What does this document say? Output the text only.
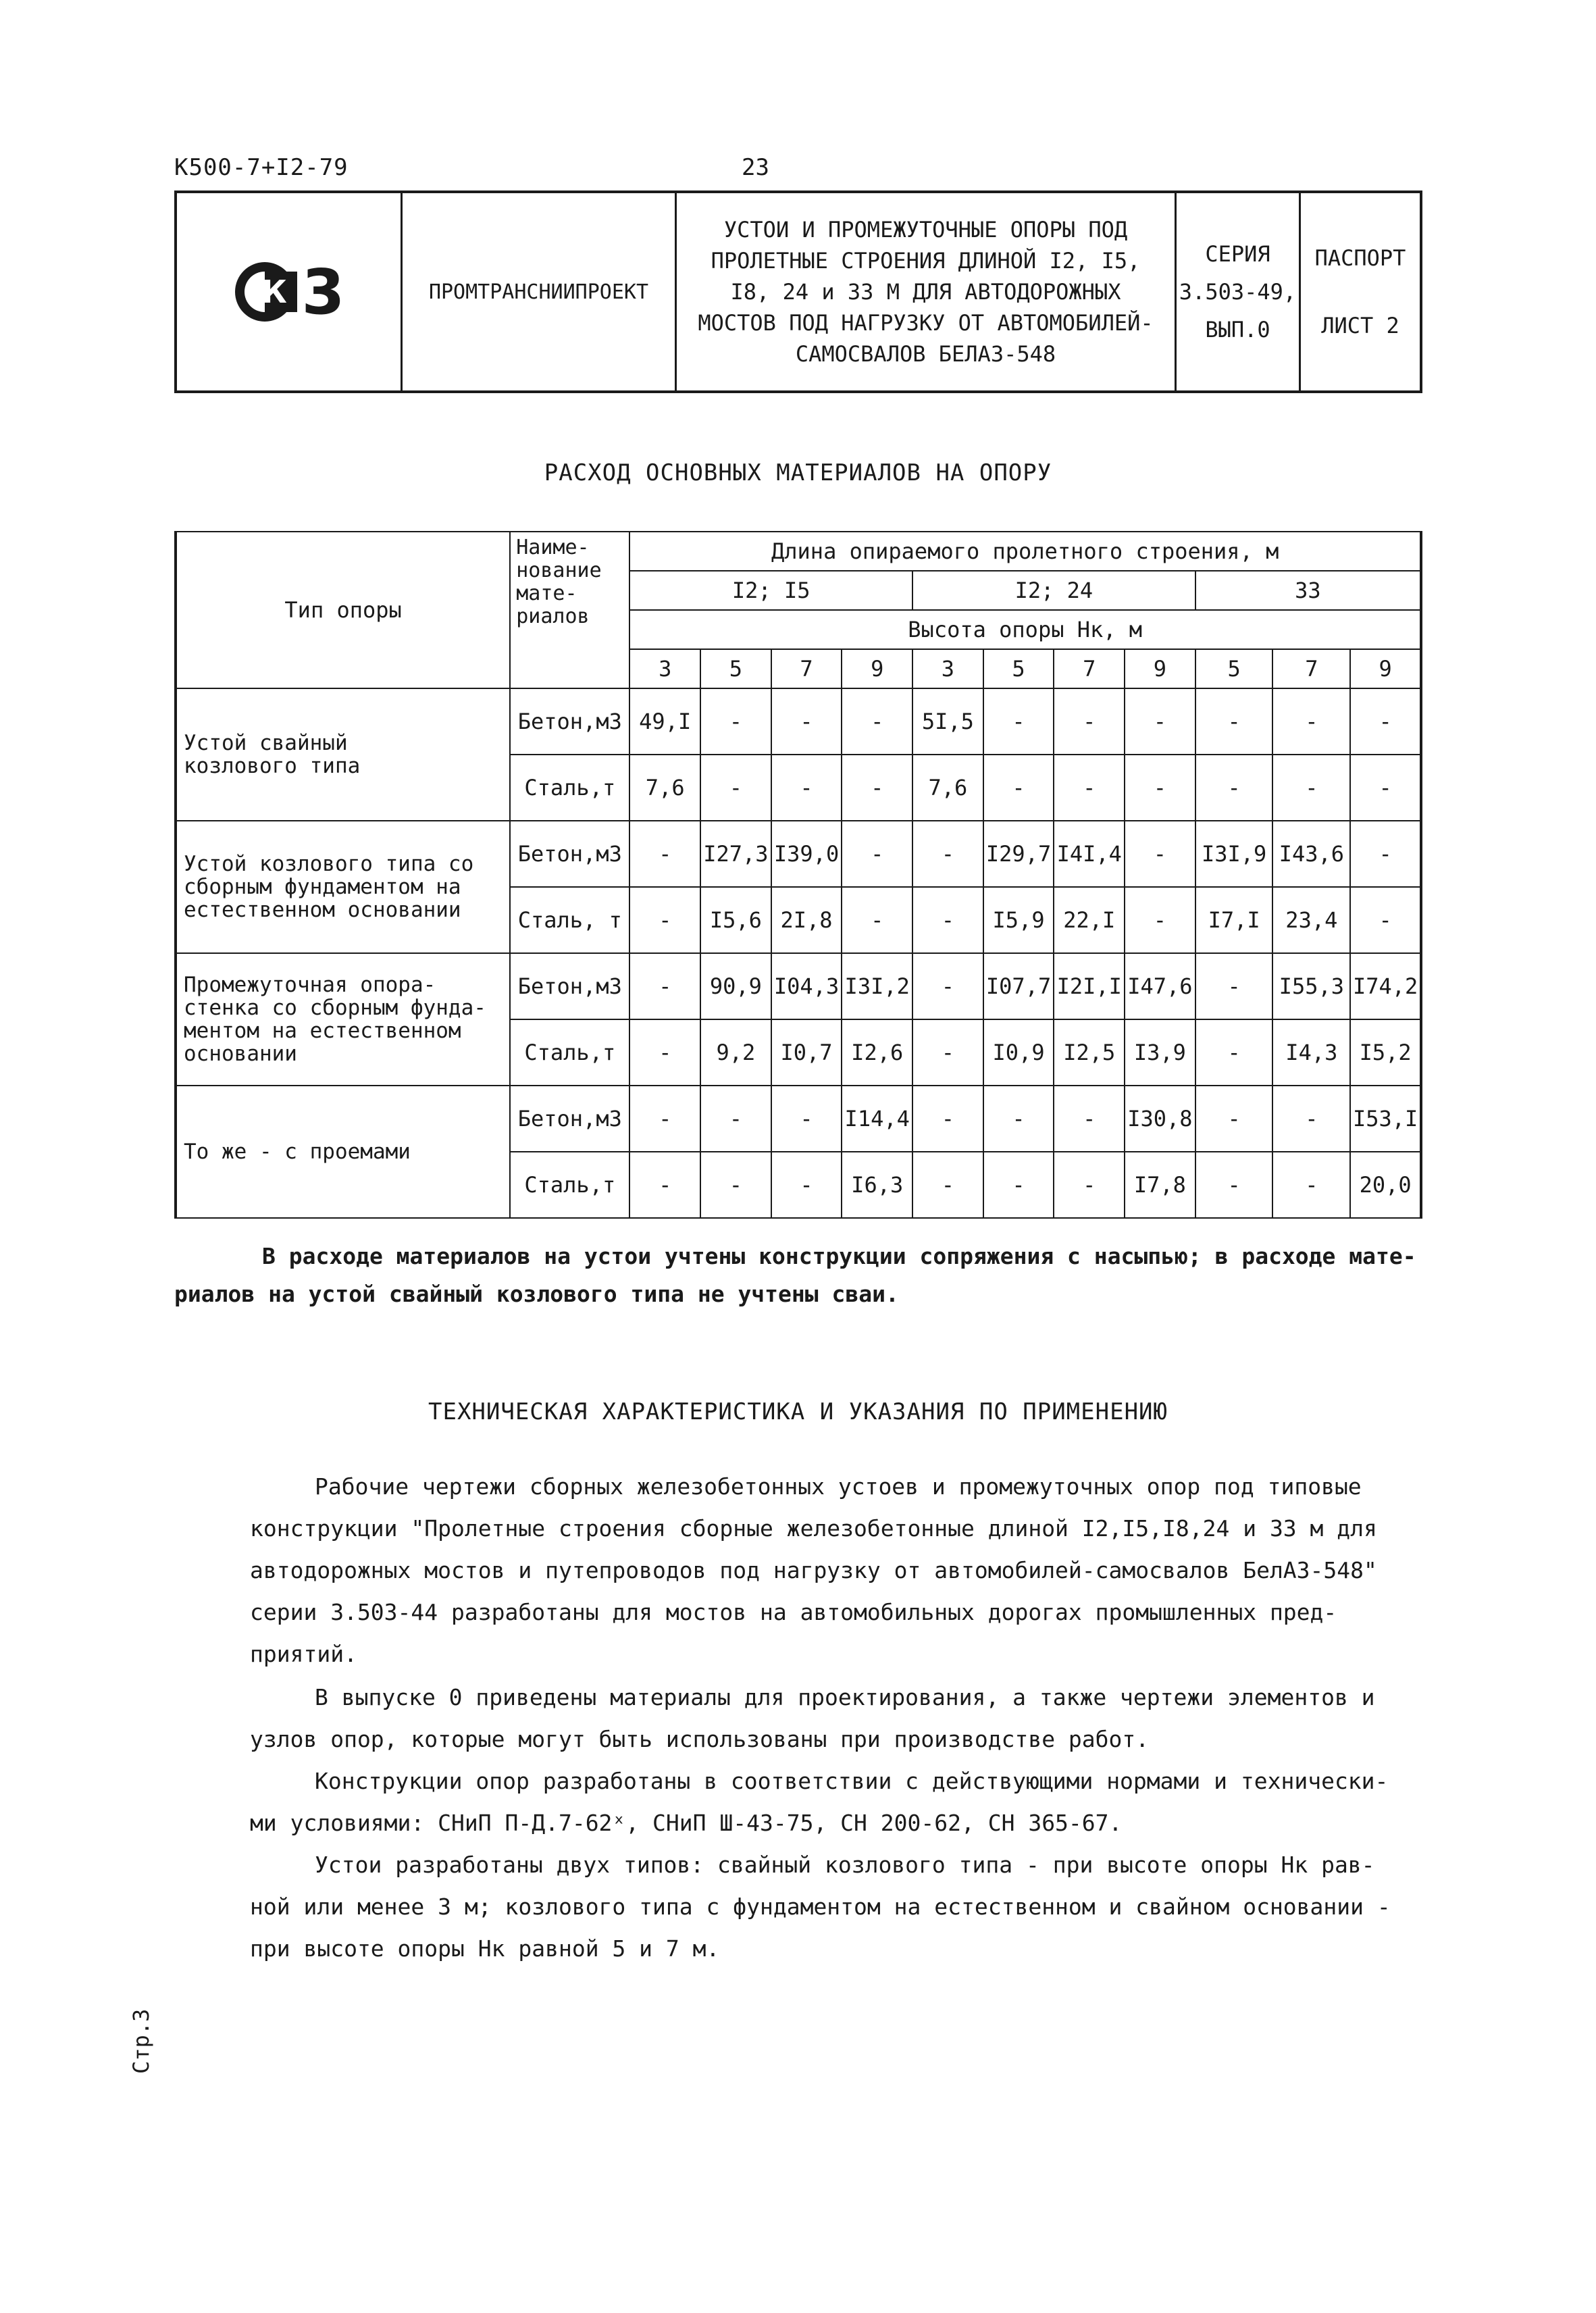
К500-7+I2-79	23
К 3	ПРОМТРАНСНИИПРОЕКТ
УСТОИ И ПРОМЕЖУТОЧНЫЕ ОПОРЫ ПОД
ПРОЛЕТНЫЕ СТРОЕНИЯ ДЛИНОЙ I2, I5,
I8, 24 и 33 М ДЛЯ АВТОДОРОЖНЫХ
МОСТОВ ПОД НАГРУЗКУ ОТ АВТОМОБИЛЕЙ-
САМОСВАЛОВ БЕЛАЗ-548
СЕРИЯ
3.503-49,
ВЫП.0
ПАСПОРТ
ЛИСТ 2
РАСХОД ОСНОВНЫХ МАТЕРИАЛОВ НА ОПОРУ
Тип опоры	Наиме-
нование
мате-
риалов	Длина опираемого пролетного строения, м										
		I2; I5				I2; 24				33		
		Высота опоры Нк, м										
		3	5	7	9	3	5	7	9	5	7	9

Устой свайный
козлового типа	Бетон,м3	49,I	-	-	-	5I,5	-	-	-	-	-	-
	Сталь,т	7,6	-	-	-	7,6	-	-	-	-	-	-

Устой козлового типа со
сборным фундаментом на
естественном основании	Бетон,м3	-	I27,3	I39,0	-	-	I29,7	I4I,4	-	I3I,9	I43,6	-
	Сталь, т	-	I5,6	2I,8	-	-	I5,9	22,I	-	I7,I	23,4	-

Промежуточная опора-
стенка со сборным фунда-
ментом на естественном
основании	Бетон,м3	-	90,9	I04,3	I3I,2	-	I07,7	I2I,I	I47,6	-	I55,3	I74,2
	Сталь,т	-	9,2	I0,7	I2,6	-	I0,9	I2,5	I3,9	-	I4,3	I5,2

То же - с проемами	Бетон,м3	-	-	-	I14,4	-	-	-	I30,8	-	-	I53,I
	Сталь,т	-	-	-	I6,3	-	-	-	I7,8	-	-	20,0
В расходе материалов на устои учтены конструкции сопряжения с насыпью; в расходе мате-
риалов на устой свайный козлового типа не учтены сваи.
ТЕХНИЧЕСКАЯ ХАРАКТЕРИСТИКА И УКАЗАНИЯ ПО ПРИМЕНЕНИЮ
Рабочие чертежи сборных железобетонных устоев и промежуточных опор под типовые
конструкции "Пролетные строения сборные железобетонные длиной I2,I5,I8,24 и 33 м для
автодорожных мостов и путепроводов под нагрузку от автомобилей-самосвалов БелАЗ-548"
серии 3.503-44 разработаны для мостов на автомобильных дорогах промышленных пред-
приятий.
В выпуске 0 приведены материалы для проектирования, а также чертежи элементов и
узлов опор, которые могут быть использованы при производстве работ.
Конструкции опор разработаны в соответствии с действующими нормами и технически-
ми условиями: СНиП П-Д.7-62ˣ, СНиП Ш-43-75, СН 200-62, СН 365-67.
Устои разработаны двух типов: свайный козлового типа - при высоте опоры Нк рав-
ной или менее 3 м; козлового типа с фундаментом на естественном и свайном основании -
при высоте опоры Нк равной 5 и 7 м.
Стр.3
